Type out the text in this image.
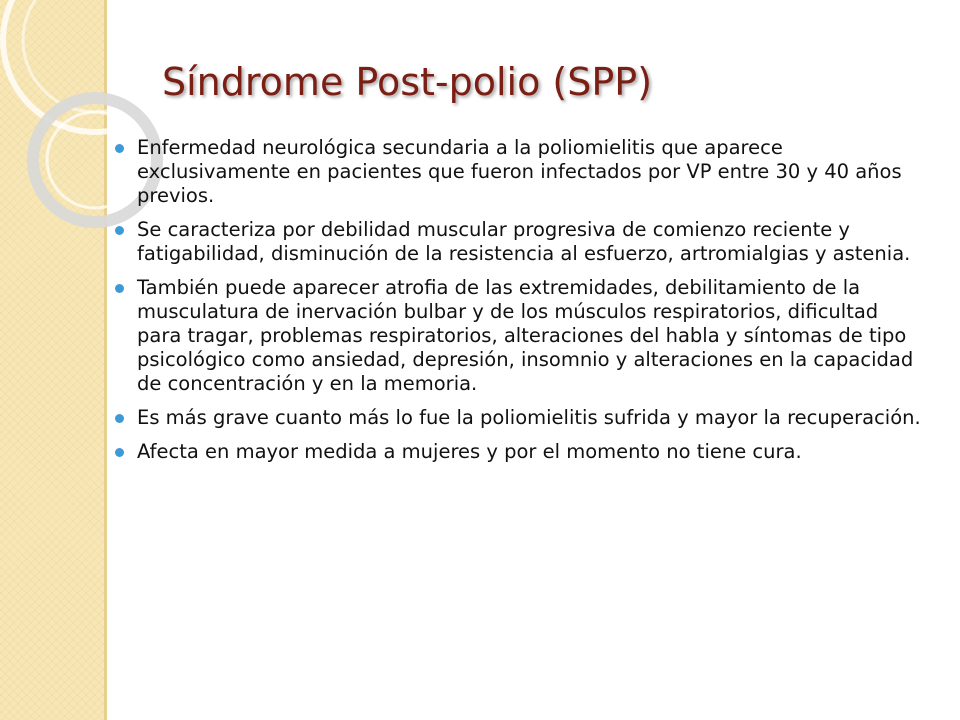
Síndrome Post-polio (SPP)
Enfermedad neurológica secundaria a la poliomielitis que aparece exclusivamente en pacientes que fueron infectados por VP entre 30 y 40 años previos.
Se caracteriza por debilidad muscular progresiva de comienzo reciente y fatigabilidad, disminución de la resistencia al esfuerzo, artromialgias y astenia.
También puede aparecer atrofia de las extremidades, debilitamiento de la musculatura de inervación bulbar y de los músculos respiratorios, dificultad para tragar, problemas respiratorios, alteraciones del habla y síntomas de tipo psicológico como ansiedad, depresión, insomnio y alteraciones en la capacidad de concentración y en la memoria.
Es más grave cuanto más lo fue la poliomielitis sufrida y mayor la recuperación.
Afecta en mayor medida a mujeres y por el momento no tiene cura.
